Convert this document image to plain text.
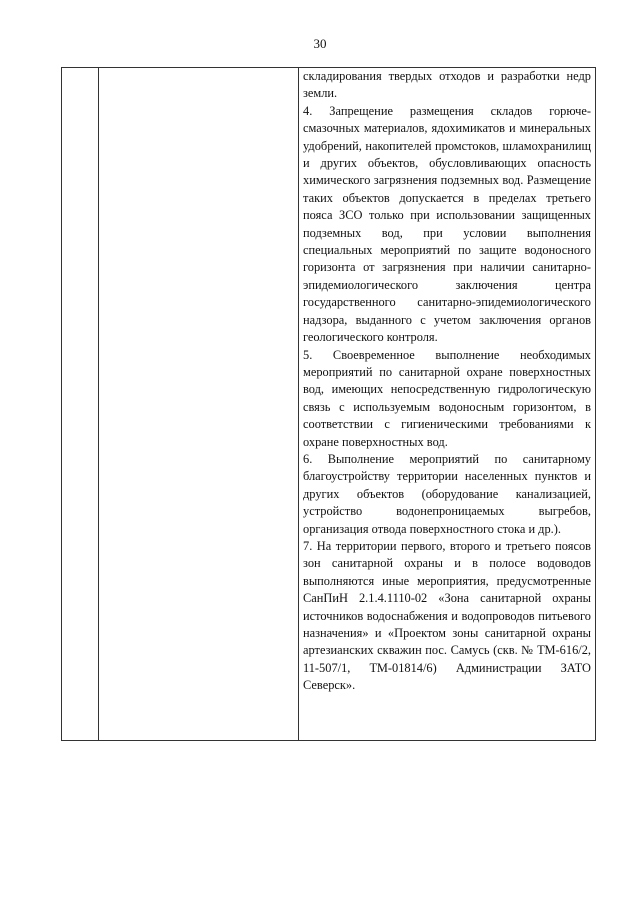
30

складирования твердых отходов и разработки недр земли.

4. Запрещение размещения складов горюче-смазочных материалов, ядохимикатов и минеральных удобрений, накопителей промстоков, шламохранилищ и других объектов, обусловливающих опасность химического загрязнения подземных вод. Размещение таких объектов допускается в пределах третьего пояса ЗСО только при использовании защищенных подземных вод, при условии выполнения специальных мероприятий по защите водоносного горизонта от загрязнения при наличии санитарно-эпидемиологического заключения центра государственного санитарно-эпидемиологического надзора, выданного с учетом заключения органов геологического контроля.

5. Своевременное выполнение необходимых мероприятий по санитарной охране поверхностных вод, имеющих непосредственную гидрологическую связь с используемым водоносным горизонтом, в соответствии с гигиеническими требованиями к охране поверхностных вод.

6. Выполнение мероприятий по санитарному благоустройству территории населенных пунктов и других объектов (оборудование канализацией, устройство водонепроницаемых выгребов, организация отвода поверхностного стока и др.).

7. На территории первого, второго и третьего поясов зон санитарной охраны и в полосе водоводов выполняются иные мероприятия, предусмотренные СанПиН 2.1.4.1110-02 «Зона санитарной охраны источников водоснабжения и водопроводов питьевого назначения» и «Проектом зоны санитарной охраны артезианских скважин пос. Самусь (скв. № ТМ-616/2, 11-507/1, ТМ-01814/6) Администрации ЗАТО Северск».
